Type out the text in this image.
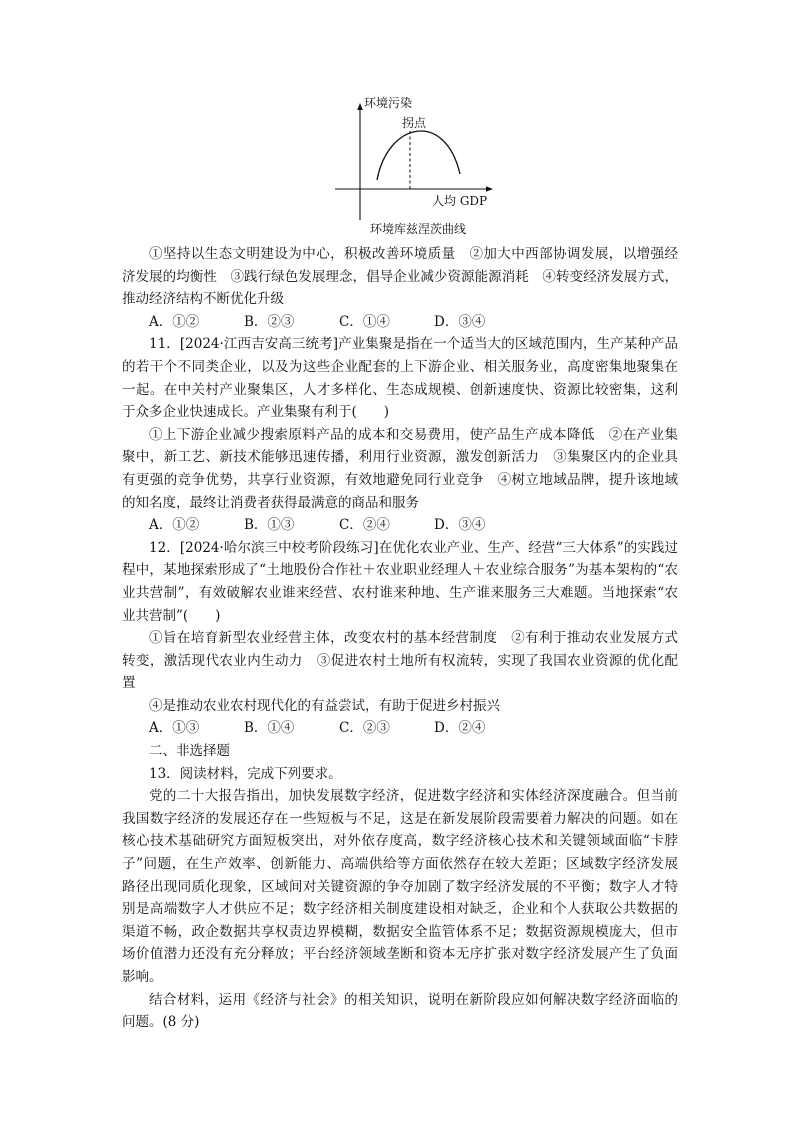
环境污染
拐点
人均 GDP
环境库兹涅茨曲线
①坚持以生态文明建设为中心，积极改善环境质量　②加大中西部协调发展，以增强经
济发展的均衡性　③践行绿色发展理念，倡导企业减少资源能源消耗　④转变经济发展方式，
推动经济结构不断优化升级
A．①②	B．②③	C．①④	D．③④
11．[2024·江西吉安高三统考]产业集聚是指在一个适当大的区域范围内，生产某种产品
的若干个不同类企业，以及为这些企业配套的上下游企业、相关服务业，高度密集地聚集在
一起。在中关村产业聚集区，人才多样化、生态成规模、创新速度快、资源比较密集，这利
于众多企业快速成长。产业集聚有利于(　　)
①上下游企业减少搜索原料产品的成本和交易费用，使产品生产成本降低　②在产业集
聚中，新工艺、新技术能够迅速传播，利用行业资源，激发创新活力　③集聚区内的企业具
有更强的竞争优势，共享行业资源，有效地避免同行业竞争　④树立地域品牌，提升该地域
的知名度，最终让消费者获得最满意的商品和服务
A．①②	B．①③	C．②④	D．③④
12．[2024·哈尔滨三中校考阶段练习]在优化农业产业、生产、经营“三大体系”的实践过
程中，某地探索形成了“土地股份合作社＋农业职业经理人＋农业综合服务”为基本架构的“农
业共营制”，有效破解农业谁来经营、农村谁来种地、生产谁来服务三大难题。当地探索“农
业共营制”(　　)
①旨在培育新型农业经营主体，改变农村的基本经营制度　②有利于推动农业发展方式
转变，激活现代农业内生动力　③促进农村土地所有权流转，实现了我国农业资源的优化配
置
④是推动农业农村现代化的有益尝试，有助于促进乡村振兴
A．①③	B．①④	C．②③	D．②④
二、非选择题
13．阅读材料，完成下列要求。
党的二十大报告指出，加快发展数字经济，促进数字经济和实体经济深度融合。但当前
我国数字经济的发展还存在一些短板与不足，这是在新发展阶段需要着力解决的问题。如在
核心技术基础研究方面短板突出，对外依存度高，数字经济核心技术和关键领域面临“卡脖
子”问题，在生产效率、创新能力、高端供给等方面依然存在较大差距；区域数字经济发展
路径出现同质化现象，区域间对关键资源的争夺加剧了数字经济发展的不平衡；数字人才特
别是高端数字人才供应不足；数字经济相关制度建设相对缺乏，企业和个人获取公共数据的
渠道不畅，政企数据共享权责边界模糊，数据安全监管体系不足；数据资源规模庞大，但市
场价值潜力还没有充分释放；平台经济领域垄断和资本无序扩张对数字经济发展产生了负面
影响。
结合材料，运用《经济与社会》的相关知识，说明在新阶段应如何解决数字经济面临的
问题。(8 分)
